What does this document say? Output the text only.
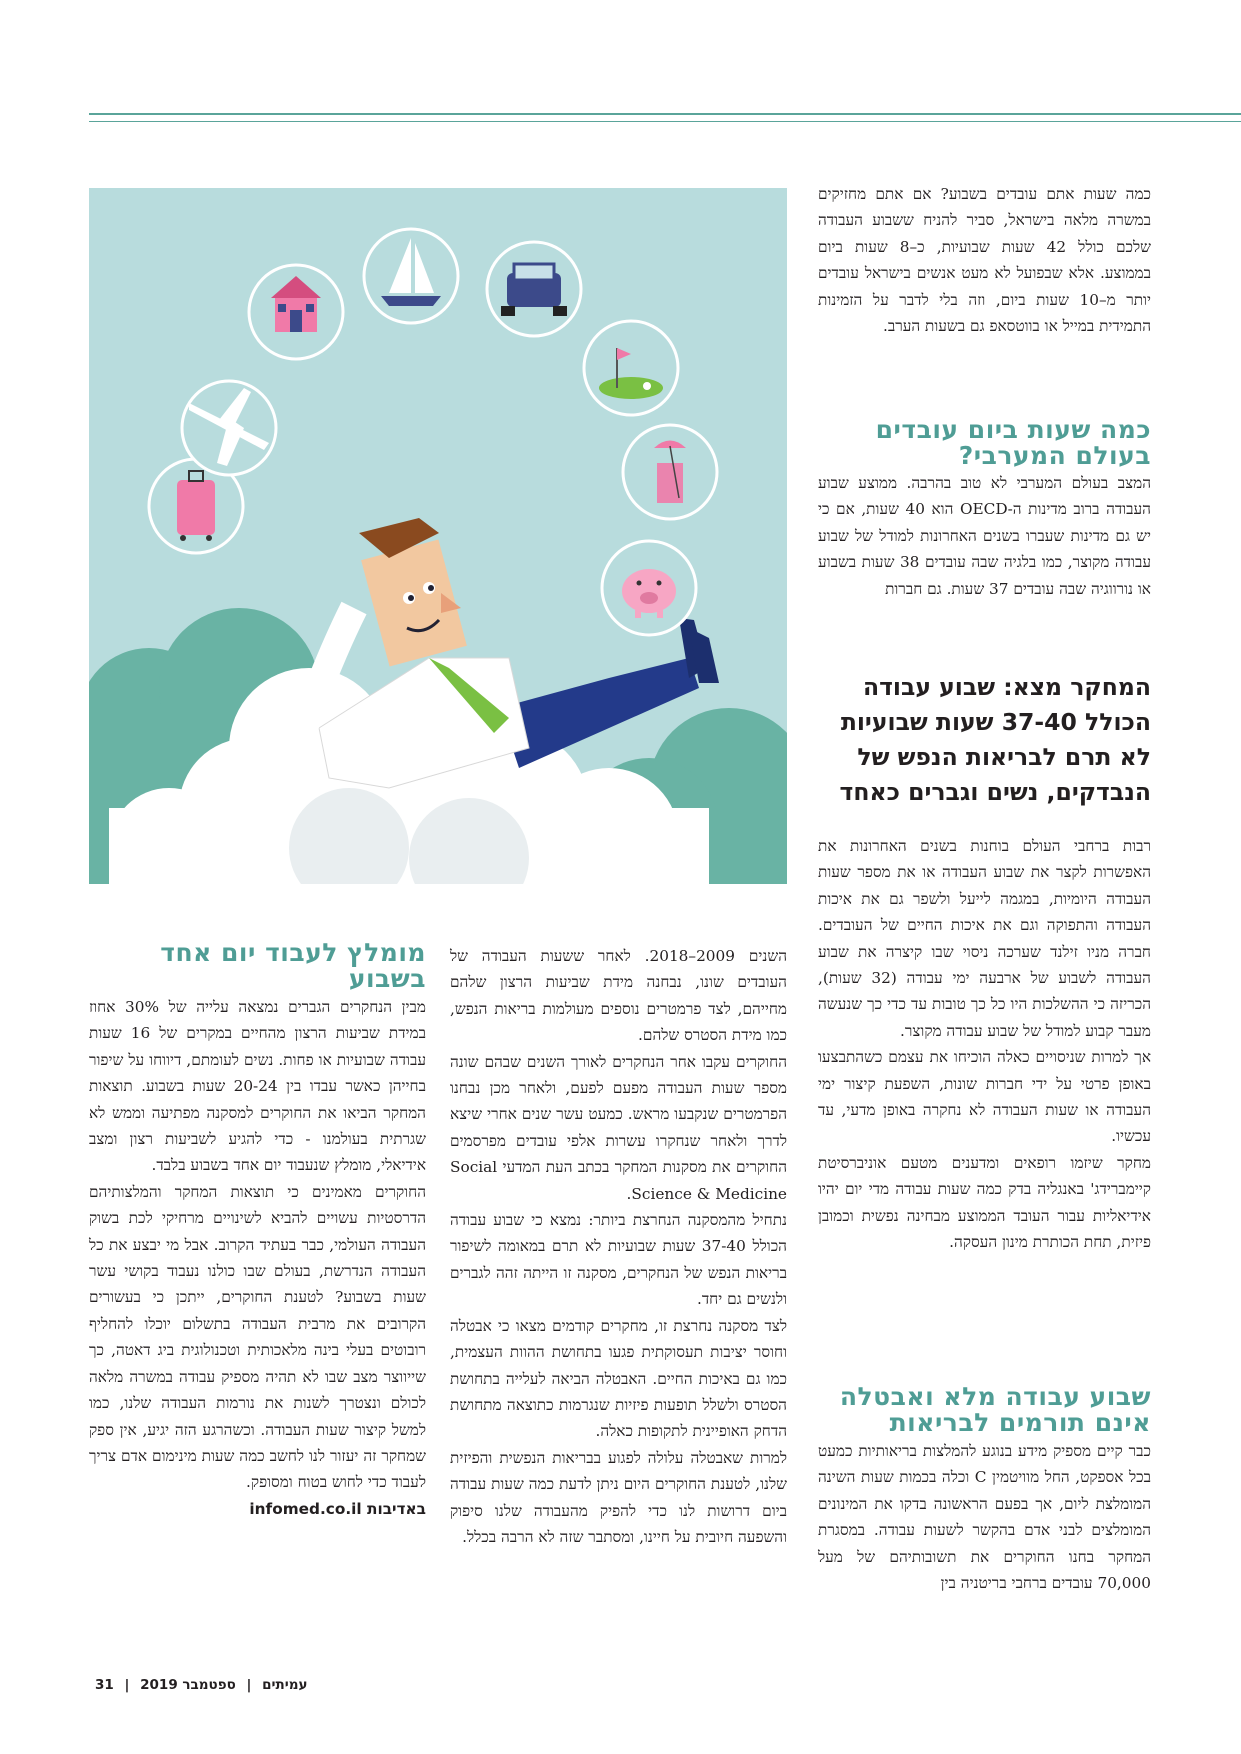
כמה שעות אתם עובדים בשבוע? אם אתם מחזיקים במשרה מלאה בישראל, סביר להניח ששבוע העבודה שלכם כולל 42 שעות שבועיות, כ–8 שעות ביום בממוצע. אלא שבפועל לא מעט אנשים בישראל עובדים יותר מ–10 שעות ביום, וזה בלי לדבר על הזמינות התמידית במייל או בווטסאפ גם בשעות הערב.

כמה שעות ביום עובדים בעולם המערבי?

המצב בעולם המערבי לא טוב בהרבה. ממוצע שבוע העבודה ברוב מדינות ה-OECD הוא 40 שעות, אם כי יש גם מדינות שעברו בשנים האחרונות למודל של שבוע עבודה מקוצר, כמו בלגיה שבה עובדים 38 שעות בשבוע או נורווגיה שבה עובדים 37 שעות. גם חברות

המחקר מצא: שבוע עבודה הכולל 37-40 שעות שבועיות לא תרם לבריאות הנפש של הנבדקים, נשים וגברים כאחד

רבות ברחבי העולם בוחנות בשנים האחרונות את האפשרות לקצר את שבוע העבודה או את מספר שעות העבודה היומיות, במגמה לייעל ולשפר גם את איכות העבודה והתפוקה וגם את איכות החיים של העובדים. חברה מניו זילנד שערכה ניסוי שבו קיצרה את שבוע העבודה לשבוע של ארבעה ימי עבודה (32 שעות), הכריזה כי ההשלכות היו כל כך טובות עד כדי כך שנעשה מעבר קבוע למודל של שבוע עבודה מקוצר.

אך למרות שניסויים כאלה הוכיחו את עצמם כשהתבצעו באופן פרטי על ידי חברות שונות, השפעת קיצור ימי העבודה או שעות העבודה לא נחקרה באופן מדעי, עד עכשיו.

מחקר שיזמו רופאים ומדענים מטעם אוניברסיטת קיימברידג' באנגליה בדק כמה שעות עבודה מדי יום יהיו אידיאליות עבור העובד הממוצע מבחינה נפשית וכמובן פיזית, תחת הכותרת מינון העסקה.

שבוע עבודה מלא ואבטלה אינם תורמים לבריאות

כבר קיים מספיק מידע בנוגע להמלצות בריאותיות כמעט בכל אספקט, החל מוויטמין C וכלה בכמות שעות השינה המומלצת ליום, אך בפעם הראשונה בדקו את המינונים המומלצים לבני אדם בהקשר לשעות עבודה. במסגרת המחקר בחנו החוקרים את תשובותיהם של מעל 70,000 עובדים ברחבי בריטניה בין

השנים 2009–2018. לאחר ששעות העבודה של העובדים שונו, נבחנה מידת שביעות הרצון שלהם מחייהם, לצד פרמטרים נוספים מעולמות בריאות הנפש, כמו מידת הסטרס שלהם.

החוקרים עקבו אחר הנחקרים לאורך השנים שבהם שונה מספר שעות העבודה מפעם לפעם, ולאחר מכן נבחנו הפרמטרים שנקבעו מראש. כמעט עשר שנים אחרי שיצא לדרך ולאחר שנחקרו עשרות אלפי עובדים מפרסמים החוקרים את מסקנות המחקר בכתב העת המדעי Social Science & Medicine.

נתחיל מהמסקנה הנחרצת ביותר: נמצא כי שבוע עבודה הכולל 37-40 שעות שבועיות לא תרם במאומה לשיפור בריאות הנפש של הנחקרים, מסקנה זו הייתה זהה לגברים ולנשים גם יחד.

לצד מסקנה נחרצת זו, מחקרים קודמים מצאו כי אבטלה וחוסר יציבות תעסוקתית פגעו בתחושת ההוות העצמית, כמו גם באיכות החיים. האבטלה הביאה לעלייה בתחושת הסטרס ולשלל תופעות פיזיות שנגרמות כתוצאה מתחושת הדחק האופיינית לתקופות כאלה.

למרות שאבטלה עלולה לפגוע בבריאות הנפשית והפיזית שלנו, לטענת החוקרים היום ניתן לדעת כמה שעות עבודה ביום דרושות לנו כדי להפיק מהעבודה שלנו סיפוק והשפעה חיובית על חיינו, ומסתבר שזה לא הרבה בכלל.

מומלץ לעבוד יום אחד בשבוע

מבין הנחקרים הגברים נמצאה עלייה של 30% אחוז במידת שביעות הרצון מהחיים במקרים של 16 שעות עבודה שבועיות או פחות. נשים לעומתם, דיווחו על שיפור בחייהן כאשר עבדו בין 20-24 שעות בשבוע. תוצאות המחקר הביאו את החוקרים למסקנה מפתיעה וממש לא שגרתית בעולמנו - כדי להגיע לשביעות רצון ומצב אידיאלי, מומלץ שנעבוד יום אחד בשבוע בלבד.

החוקרים מאמינים כי תוצאות המחקר והמלצותיהם הדרסטיות עשויים להביא לשינויים מרחיקי לכת בשוק העבודה העולמי, כבר בעתיד הקרוב. אבל מי יבצע את כל העבודה הנדרשת, בעולם שבו כולנו נעבוד בקושי עשר שעות בשבוע? לטענת החוקרים, ייתכן כי בעשורים הקרובים את מרבית העבודה בתשלום יוכלו להחליף רובוטים בעלי בינה מלאכותית וטכנולוגית ביג דאטה, כך שייווצר מצב שבו לא תהיה מספיק עבודה במשרה מלאה לכולם ונצטרך לשנות את נורמות העבודה שלנו, כמו למשל קיצור שעות העבודה. וכשהרגע הזה יגיע, אין ספק שמחקר זה יעזור לנו לחשב כמה שעות מינימום אדם צריך לעבוד כדי לחוש בטוח ומסופק.

באדיבות infomed.co.il

עמיתים | ספטמבר 2019 | 31
